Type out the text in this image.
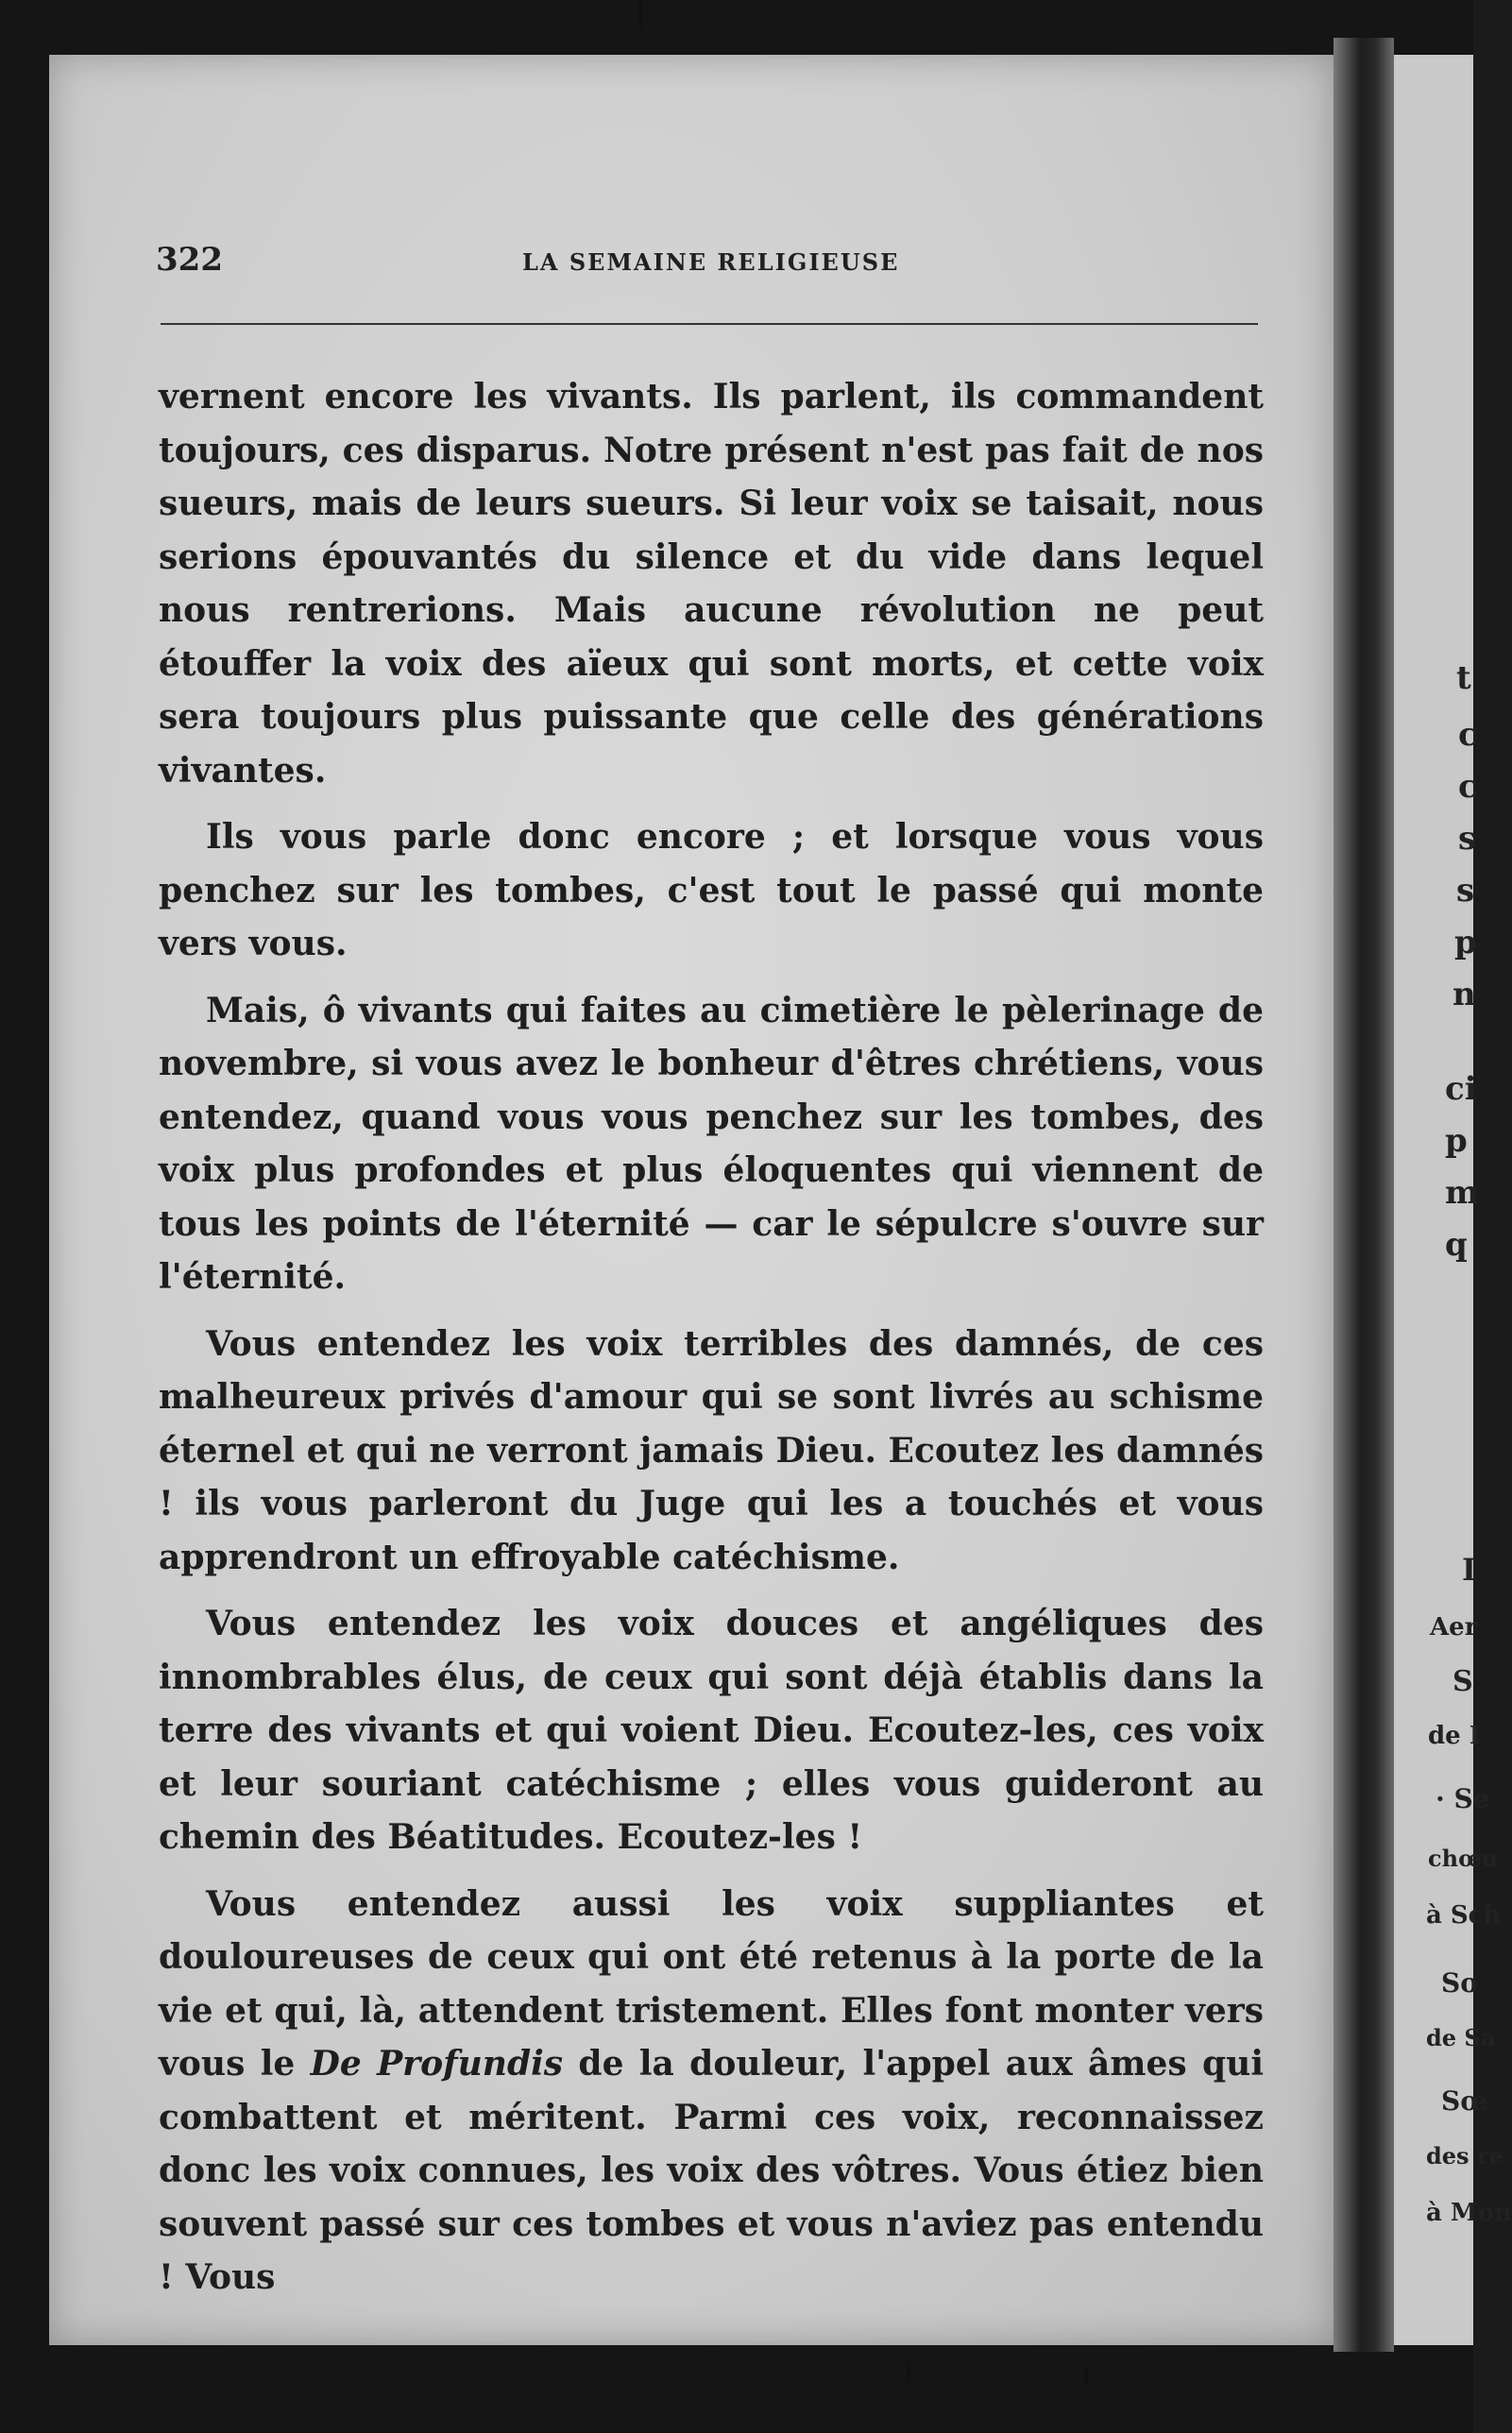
322	LA SEMAINE RELIGIEUSE

vernent encore les vivants. Ils parlent, ils commandent toujours, ces disparus. Notre présent n'est pas fait de nos sueurs, mais de leurs sueurs. Si leur voix se taisait, nous serions épouvantés du silence et du vide dans lequel nous rentrerions. Mais aucune révolution ne peut étouffer la voix des aïeux qui sont morts, et cette voix sera toujours plus puissante que celle des générations vivantes.

Ils vous parle donc encore ; et lorsque vous vous penchez sur les tombes, c'est tout le passé qui monte vers vous.

Mais, ô vivants qui faites au cimetière le pèlerinage de novembre, si vous avez le bonheur d'êtres chrétiens, vous entendez, quand vous vous penchez sur les tombes, des voix plus profondes et plus éloquentes qui viennent de tous les points de l'éternité — car le sépulcre s'ouvre sur l'éternité.

Vous entendez les voix terribles des damnés, de ces malheureux privés d'amour qui se sont livrés au schisme éternel et qui ne verront jamais Dieu. Ecoutez les damnés ! ils vous parleront du Juge qui les a touchés et vous apprendront un effroyable catéchisme.

Vous entendez les voix douces et angéliques des innombrables élus, de ceux qui sont déjà établis dans la terre des vivants et qui voient Dieu. Ecoutez-les, ces voix et leur souriant catéchisme ; elles vous guideront au chemin des Béatitudes. Ecoutez-les !

Vous entendez aussi les voix suppliantes et douloureuses de ceux qui ont été retenus à la porte de la vie et qui, là, attendent tristement. Elles font monter vers vous le De Profundis de la douleur, l'appel aux âmes qui combattent et méritent. Parmi ces voix, reconnaissez donc les voix connues, les voix des vôtres. Vous étiez bien souvent passé sur ces tombes et vous n'aviez pas entendu ! Vous

t
c
c
s
s
p
n
ci
p
m
q
I
Aer
S
de I
· Se
chœu
à Sch
So
de Sa
Sœ
des re
à Mon
